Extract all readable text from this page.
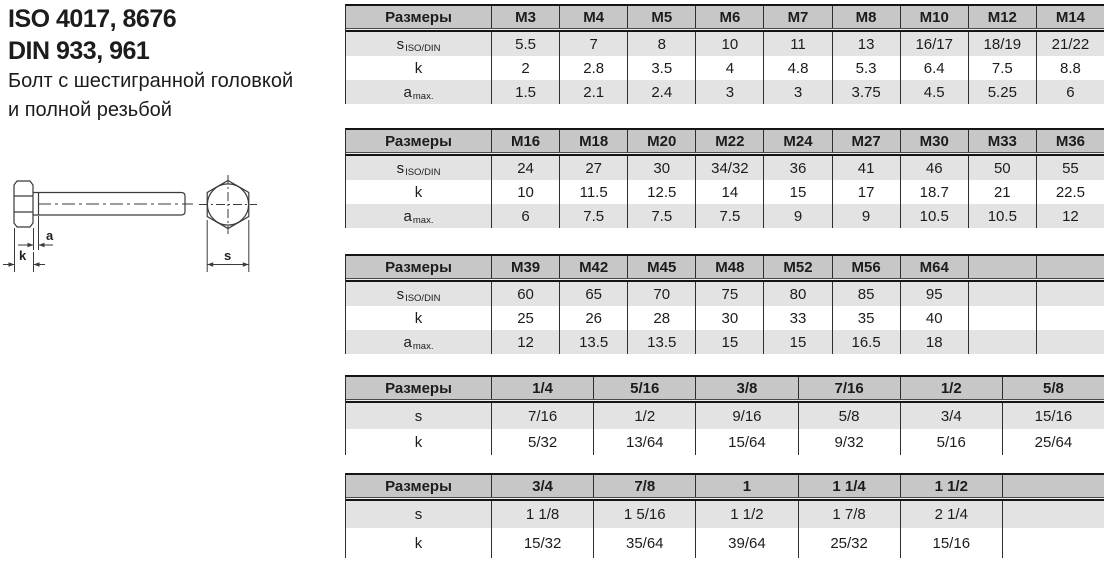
ISO 4017, 8676
DIN 933, 961
Болт с шестигранной головкой
и полной резьбой
a
k	s
Размеры	M3	M4	M5	M6	M7	M8	M10	M12	M14
s ISO/DIN	5.5	7	8	10	11	13	16/17	18/19	21/22
k	2	2.8	3.5	4	4.8	5.3	6.4	7.5	8.8
a max.	1.5	2.1	2.4	3	3	3.75	4.5	5.25	6
Размеры	M16	M18	M20	M22	M24	M27	M30	M33	M36
s ISO/DIN	24	27	30	34/32	36	41	46	50	55
k	10	11.5	12.5	14	15	17	18.7	21	22.5
a max.	6	7.5	7.5	7.5	9	9	10.5	10.5	12
Размеры	M39	M42	M45	M48	M52	M56	M64
s ISO/DIN	60	65	70	75	80	85	95
k	25	26	28	30	33	35	40
a max.	12	13.5	13.5	15	15	16.5	18
Размеры	1/4	5/16	3/8	7/16	1/2	5/8
s	7/16	1/2	9/16	5/8	3/4	15/16
k	5/32	13/64	15/64	9/32	5/16	25/64
Размеры	3/4	7/8	1	1 1/4	1 1/2
s	1 1/8	1 5/16	1 1/2	1 7/8	2 1/4
k	15/32	35/64	39/64	25/32	15/16
